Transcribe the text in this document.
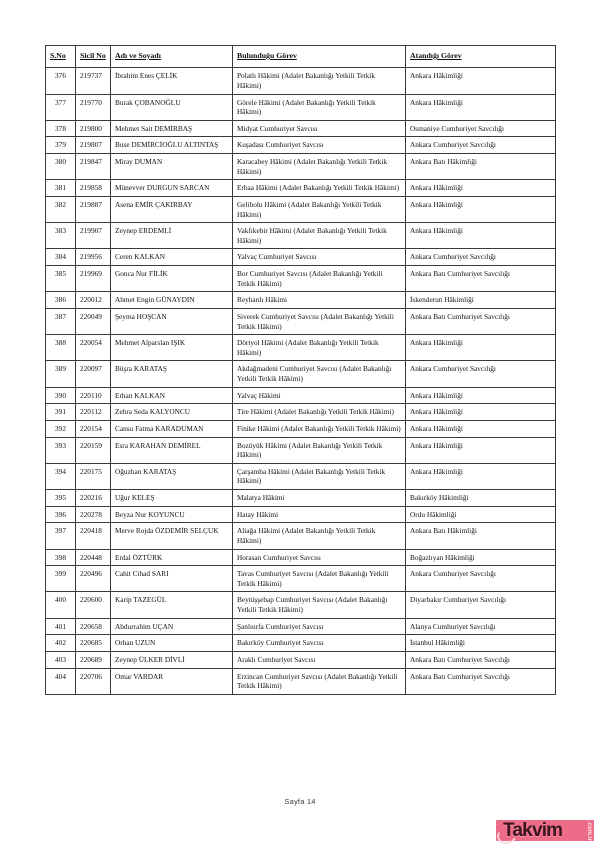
S.No	Sicil No	Adı ve Soyadı	Bulunduğu Görev	Atandığı Görev
376	219737	İbrahim Enes ÇELİK	Polatlı Hâkimi (Adalet Bakanlığı Yetkili Tetkik Hâkimi)	Ankara Hâkimliği
377	219770	Burak ÇOBANOĞLU	Görele Hâkimi (Adalet Bakanlığı Yetkili Tetkik Hâkimi)	Ankara Hâkimliği
378	219800	Mehmet Sait DEMİRBAŞ	Midyat Cumhuriyet Savcısı	Osmaniye Cumhuriyet Savcılığı
379	219807	Buse DEMİRCİOĞLU ALTINTAŞ	Kuşadası Cumhuriyet Savcısı	Ankara Cumhuriyet Savcılığı
380	219847	Miray DUMAN	Karacabey Hâkimi (Adalet Bakanlığı Yetkili Tetkik Hâkimi)	Ankara Batı Hâkimliği
381	219858	Münevver DURGUN SARCAN	Erbaa Hâkimi (Adalet Bakanlığı Yetkili Tetkik Hâkimi)	Ankara Hâkimliği
382	219887	Asena EMİR ÇAKIRBAY	Gelibolu Hâkimi (Adalet Bakanlığı Yetkili Tetkik Hâkimi)	Ankara Hâkimliği
383	219907	Zeynep ERDEMLİ	Vakfıkebir Hâkimi (Adalet Bakanlığı Yetkili Tetkik Hâkimi)	Ankara Hâkimliği
384	219956	Ceren KALKAN	Yalvaç Cumhuriyet Savcısı	Ankara Cumhuriyet Savcılığı
385	219969	Gonca Nur FİLİK	Bor Cumhuriyet Savcısı (Adalet Bakanlığı Yetkili Tetkik Hâkimi)	Ankara Batı Cumhuriyet Savcılığı
386	220012	Ahmet Engin GÜNAYDIN	Reyhanlı Hâkimi	İskenderun Hâkimliği
387	220049	Şeyma HOŞCAN	Siverek Cumhuriyet Savcısı (Adalet Bakanlığı Yetkili Tetkik Hâkimi)	Ankara Batı Cumhuriyet Savcılığı
388	220054	Mehmet Alparslan IŞIK	Dörtyol Hâkimi (Adalet Bakanlığı Yetkili Tetkik Hâkimi)	Ankara Hâkimliği
389	220097	Büşra KARATAŞ	Akdağmadeni Cumhuriyet Savcısı (Adalet Bakanlığı Yetkili Tetkik Hâkimi)	Ankara Cumhuriyet Savcılığı
390	220110	Erhan KALKAN	Yalvaç Hâkimi	Ankara Hâkimliği
391	220112	Zehra Seda KALYONCU	Tire Hâkimi (Adalet Bakanlığı Yetkili Tetkik Hâkimi)	Ankara Hâkimliği
392	220154	Cansu Fatma KARADUMAN	Finike Hâkimi (Adalet Bakanlığı Yetkili Tetkik Hâkimi)	Ankara Hâkimliği
393	220159	Esra KARAHAN DEMİREL	Bozüyük Hâkimi (Adalet Bakanlığı Yetkili Tetkik Hâkimi)	Ankara Hâkimliği
394	220175	Oğuzhan KARATAŞ	Çarşamba Hâkimi (Adalet Bakanlığı Yetkili Tetkik Hâkimi)	Ankara Hâkimliği
395	220216	Uğur KELEŞ	Malatya Hâkimi	Bakırköy Hâkimliği
396	220278	Beyza Nur KOYUNCU	Hatay Hâkimi	Ordu Hâkimliği
397	220418	Merve Rojda ÖZDEMİR SELÇUK	Aliağa Hâkimi (Adalet Bakanlığı Yetkili Tetkik Hâkimi)	Ankara Batı Hâkimliği
398	220448	Erdal ÖZTÜRK	Horasan Cumhuriyet Savcısı	Boğazlıyan Hâkimliği
399	220496	Cahit Cihad SARI	Tavas Cumhuriyet Savcısı (Adalet Bakanlığı Yetkili Tetkik Hâkimi)	Ankara Cumhuriyet Savcılığı
400	220600	Karip TAZEGÜL	Beytüşşebap Cumhuriyet Savcısı (Adalet Bakanlığı Yetkili Tetkik Hâkimi)	Diyarbakır Cumhuriyet Savcılığı
401	220658	Abdurrahim UÇAN	Şanlıurfa Cumhuriyet Savcısı	Alanya Cumhuriyet Savcılığı
402	220685	Orhan UZUN	Bakırköy Cumhuriyet Savcısı	İstanbul Hâkimliği
403	220689	Zeynep ÜLKER DİVLİ	Araklı Cumhuriyet Savcısı	Ankara Batı Cumhuriyet Savcılığı
404	220706	Omar VARDAR	Erzincan Cumhuriyet Savcısı (Adalet Bakanlığı Yetkili Tetkik Hâkimi)	Ankara Batı Cumhuriyet Savcılığı
Sayfa 14
Takvim	.com.tr
